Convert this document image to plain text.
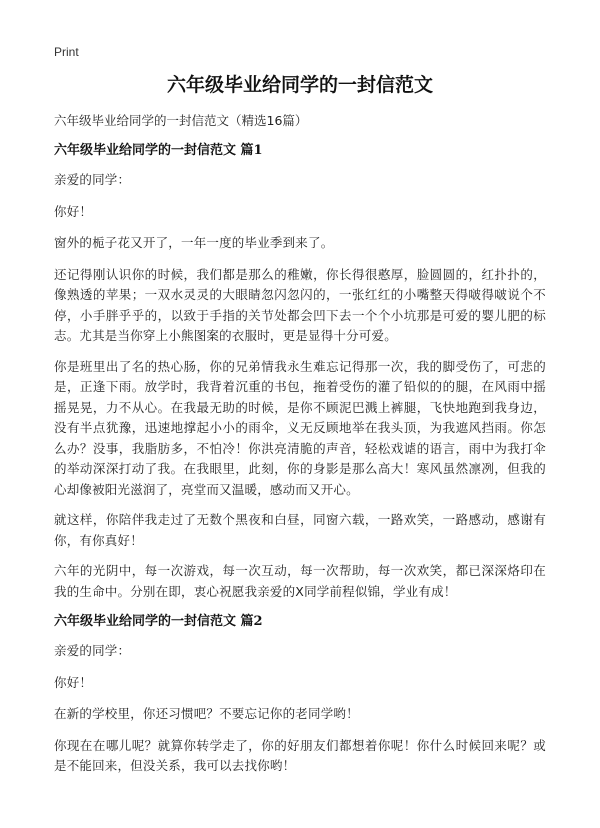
Print
六年级毕业给同学的一封信范文
六年级毕业给同学的一封信范文（精选16篇）
六年级毕业给同学的一封信范文 篇1
亲爱的同学：
你好！
窗外的栀子花又开了，一年一度的毕业季到来了。
还记得刚认识你的时候，我们都是那么的稚嫩，你长得很憨厚，脸圆圆的，红扑扑的，像熟透的苹果；一双水灵灵的大眼睛忽闪忽闪的，一张红红的小嘴整天得啵得啵说个不停，小手胖乎乎的，以致于手指的关节处都会凹下去一个个小坑那是可爱的婴儿肥的标志。尤其是当你穿上小熊图案的衣服时，更是显得十分可爱。
你是班里出了名的热心肠，你的兄弟情我永生难忘记得那一次，我的脚受伤了，可悲的是，正逢下雨。放学时，我背着沉重的书包，拖着受伤的灌了铅似的的腿，在风雨中摇摇晃晃，力不从心。在我最无助的时候，是你不顾泥巴溅上裤腿，飞快地跑到我身边，没有半点犹豫，迅速地撑起小小的雨伞，义无反顾地举在我头顶，为我遮风挡雨。你怎么办？没事，我脂肪多，不怕冷！你洪亮清脆的声音，轻松戏谑的语言，雨中为我打伞的举动深深打动了我。在我眼里，此刻，你的身影是那么高大！寒风虽然凛冽，但我的心却像被阳光滋润了，亮堂而又温暖，感动而又开心。
就这样，你陪伴我走过了无数个黑夜和白昼，同窗六载，一路欢笑，一路感动，感谢有你，有你真好！
六年的光阴中，每一次游戏，每一次互动，每一次帮助，每一次欢笑，都已深深烙印在我的生命中。分别在即，衷心祝愿我亲爱的X同学前程似锦，学业有成！
六年级毕业给同学的一封信范文 篇2
亲爱的同学：
你好！
在新的学校里，你还习惯吧？不要忘记你的老同学哟！
你现在在哪儿呢？就算你转学走了，你的好朋友们都想着你呢！你什么时候回来呢？或是不能回来，但没关系，我可以去找你哟！
